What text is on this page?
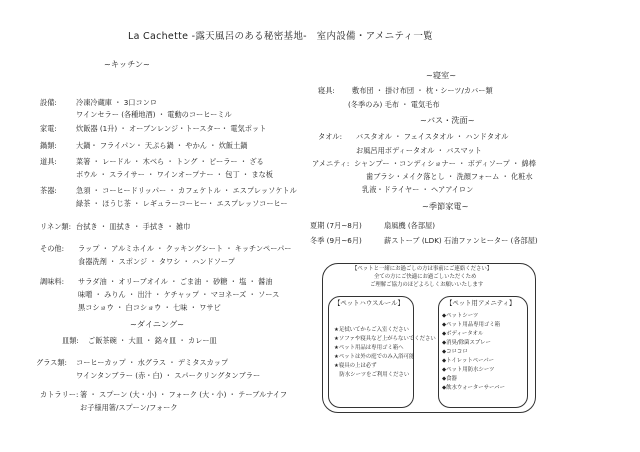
La Cachette -露天風呂のある秘密基地-　室内設備・アメニティ一覧
~キッチン~
設備:	冷凍冷蔵庫 ・ 3口コンロ
ワインセラー (各種地酒) ・ 電動のコーヒーミル
家電:	炊飯器 (1升) ・ オーブンレンジ・トースター・ 電気ポット
鍋類:	大鍋・ フライパン・ 天ぷら鍋 ・ やかん ・ 炊飯土鍋
道具:	菜箸 ・ レードル ・ 木べら ・ トング ・ ピーラー ・ ざる
ボウル ・ スライサー ・ ワインオープナー ・ 包丁 ・ まな板
茶器:	急須 ・ コーヒードリッパー ・ カフェケトル ・ エスプレッソケトル
緑茶 ・ ほうじ茶 ・ レギュラーコーヒー・ エスプレッソコーヒー
リネン類: 台拭き ・ 皿拭き ・ 手拭き ・ 雑巾
その他: ラップ ・ アルミホイル ・ クッキングシート ・ キッチンペーパー
食器洗剤 ・ スポンジ ・ タワシ ・ ハンドソープ
調味料: サラダ油 ・ オリーブオイル ・ ごま油 ・ 砂糖 ・ 塩 ・ 醤油
味噌 ・ みりん ・ 出汁 ・ ケチャップ ・ マヨネーズ ・ ソース
黒コショウ ・ 白コショウ ・ 七味 ・ ワサビ
~ダイニング~
皿類: ご飯茶碗 ・ 大皿 ・ 銘々皿 ・ カレー皿
グラス類: コーヒーカップ ・ 水グラス ・ デミタスカップ
ワインタンブラー (赤・白) ・ スパークリングタンブラー
カトラリー: 箸 ・ スプーン (大・小) ・ フォーク (大・小) ・ テーブルナイフ
お子様用箸/スプーン/フォーク
~寝室~
寝具: 敷布団 ・ 掛け布団 ・ 枕・シーツ/カバー類
(冬季のみ) 毛布 ・ 電気毛布
~バス・洗面~
タオル: バスタオル ・ フェイスタオル ・ ハンドタオル
お風呂用ボディータオル ・ バスマット
アメニティ: シャンプー ・コンディショナー ・ ボディソープ ・ 綿棒
歯ブラシ・メイク落とし ・ 洗顔フォーム ・ 化粧水
乳液・ドライヤー ・ ヘアアイロン
~季節家電~
夏期 (7月~8月)	扇風機 (各部屋)
冬季 (9月~6月)	薪ストーブ (LDK) 石油ファンヒーター (各部屋)
【ペットと一緒にお過ごしの方は事前にご連絡ください】
全ての方にご快適にお過ごしいただくため
ご理解ご協力のほどよろしくお願いいたします
【ペットハウスルール】
★足拭いてからご入室ください
★ソファや寝具など上がらないでください
★ペット用品は専用ゴミ箱へ
★ペットは外の庭でのみ入浴可能
★寝具の上は必ず
　防水シーツをご利用ください
【ペット用アメニティ】
◆ペットシーツ
◆ペット用品専用ゴミ箱
◆ボディータオル
◆消臭/除菌スプレー
◆コロコロ
◆トイレットペーパー
◆ペット用防水シーツ
◆食器
◆飲水ウォーターサーバー
